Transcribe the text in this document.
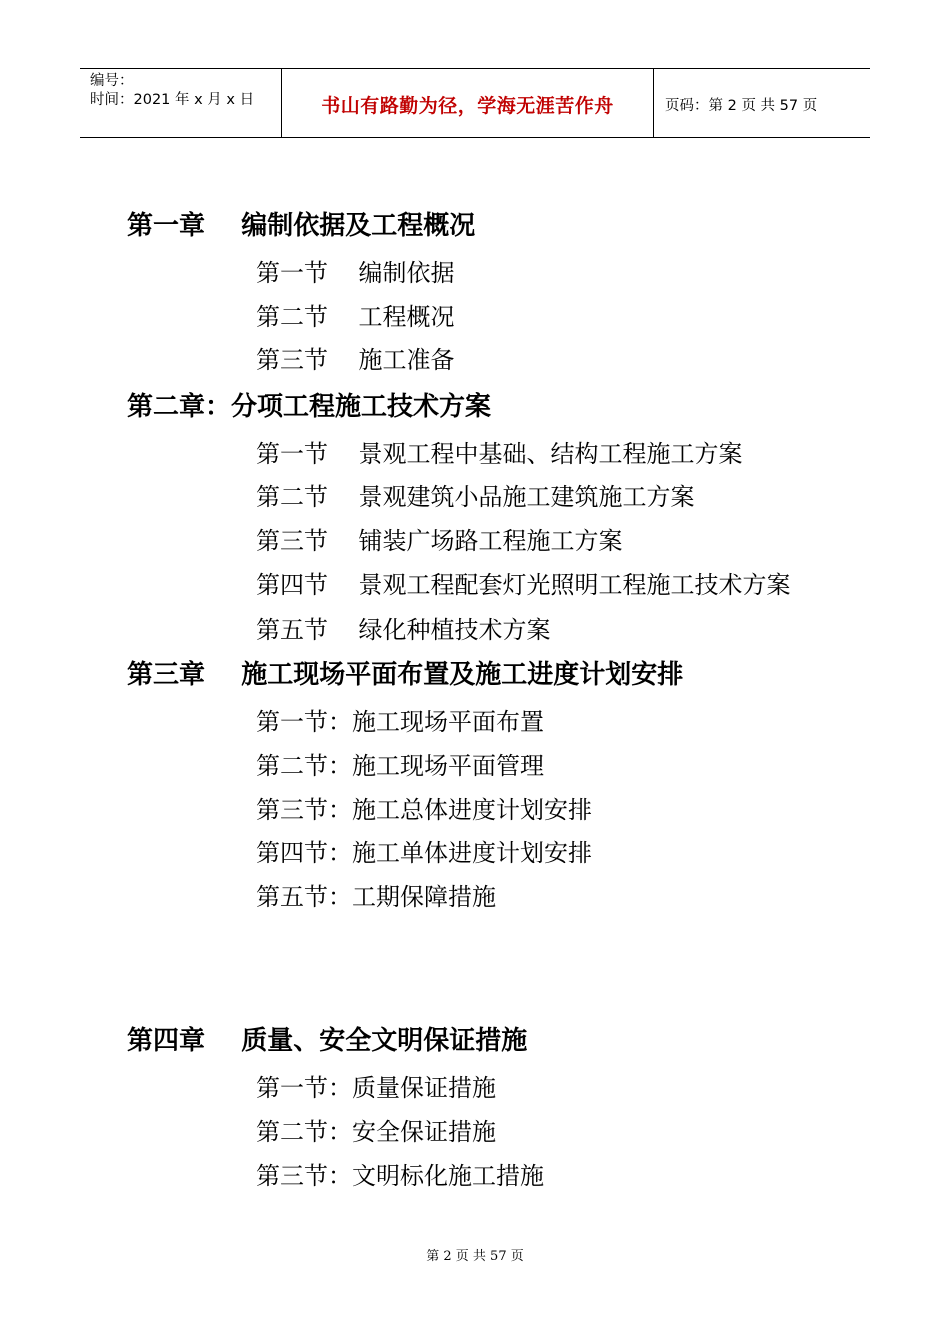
编号：
时间：2021 年 x 月 x 日	书山有路勤为径，学海无涯苦作舟	页码：第 2 页 共 57 页
第一章    编制依据及工程概况
第一节    编制依据
第二节    工程概况
第三节    施工准备
第二章：分项工程施工技术方案
第一节    景观工程中基础、结构工程施工方案
第二节    景观建筑小品施工建筑施工方案
第三节    铺装广场路工程施工方案
第四节    景观工程配套灯光照明工程施工技术方案
第五节    绿化种植技术方案
第三章    施工现场平面布置及施工进度计划安排
第一节：施工现场平面布置
第二节：施工现场平面管理
第三节：施工总体进度计划安排
第四节：施工单体进度计划安排
第五节：工期保障措施
第四章    质量、安全文明保证措施
第一节：质量保证措施
第二节：安全保证措施
第三节：文明标化施工措施
第 2 页 共 57 页
